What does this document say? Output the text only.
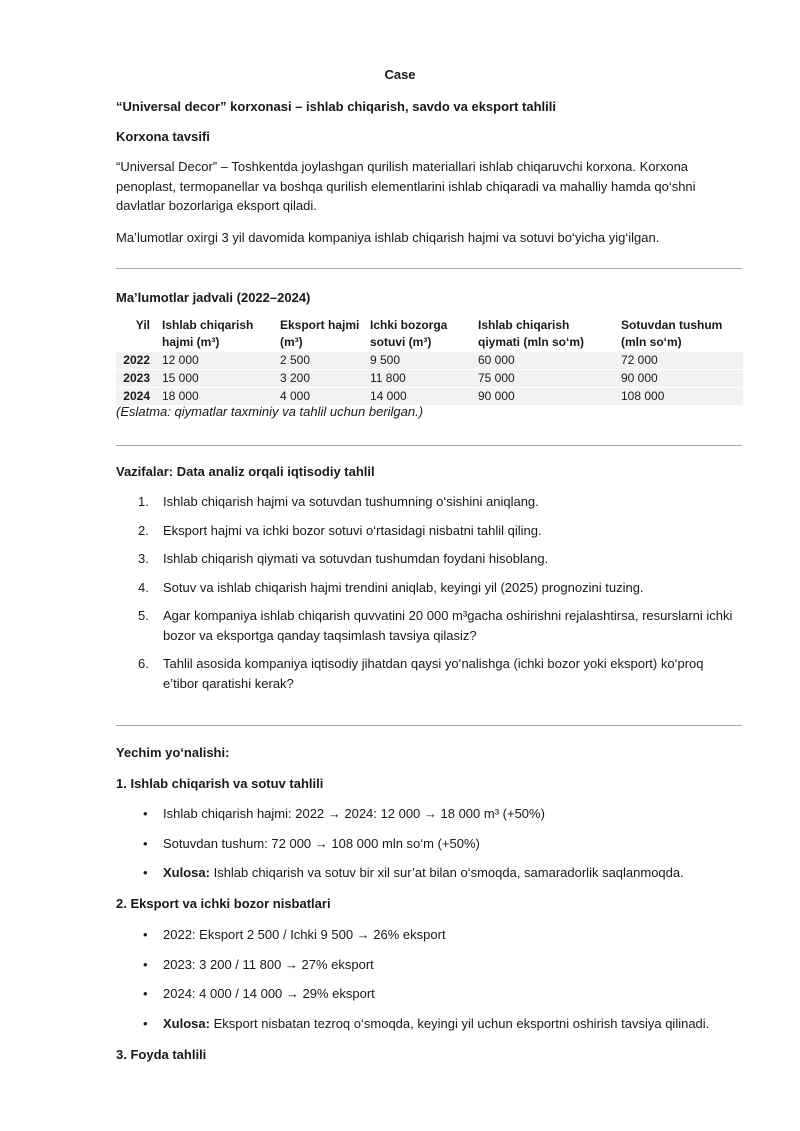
Case
“Universal decor” korxonasi – ishlab chiqarish, savdo va eksport tahlili
Korxona tavsifi
“Universal Decor” – Toshkentda joylashgan qurilish materiallari ishlab chiqaruvchi korxona. Korxona penoplast, termopanellar va boshqa qurilish elementlarini ishlab chiqaradi va mahalliy hamda qo‘shni davlatlar bozorlariga eksport qiladi.
Ma’lumotlar oxirgi 3 yil davomida kompaniya ishlab chiqarish hajmi va sotuvi bo‘yicha yig‘ilgan.
Ma’lumotlar jadvali (2022–2024)
Yil	Ishlab chiqarish hajmi (m³)	Eksport hajmi (m³)	Ichki bozorga sotuvi (m³)	Ishlab chiqarish qiymati (mln so‘m)	Sotuvdan tushum (mln so‘m)
2022	12 000	2 500	9 500	60 000	72 000
2023	15 000	3 200	11 800	75 000	90 000
2024	18 000	4 000	14 000	90 000	108 000
(Eslatma: qiymatlar taxminiy va tahlil uchun berilgan.)
Vazifalar: Data analiz orqali iqtisodiy tahlil
1. Ishlab chiqarish hajmi va sotuvdan tushumning o‘sishini aniqlang.
2. Eksport hajmi va ichki bozor sotuvi o‘rtasidagi nisbatni tahlil qiling.
3. Ishlab chiqarish qiymati va sotuvdan tushumdan foydani hisoblang.
4. Sotuv va ishlab chiqarish hajmi trendini aniqlab, keyingi yil (2025) prognozini tuzing.
5. Agar kompaniya ishlab chiqarish quvvatini 20 000 m³gacha oshirishni rejalashtirsa, resurslarni ichki bozor va eksportga qanday taqsimlash tavsiya qilasiz?
6. Tahlil asosida kompaniya iqtisodiy jihatdan qaysi yo‘nalishga (ichki bozor yoki eksport) ko‘proq e’tibor qaratishi kerak?
Yechim yo‘nalishi:
1. Ishlab chiqarish va sotuv tahlili
• Ishlab chiqarish hajmi: 2022 → 2024: 12 000 → 18 000 m³ (+50%)
• Sotuvdan tushum: 72 000 → 108 000 mln so‘m (+50%)
• Xulosa: Ishlab chiqarish va sotuv bir xil sur’at bilan o‘smoqda, samaradorlik saqlanmoqda.
2. Eksport va ichki bozor nisbatlari
• 2022: Eksport 2 500 / Ichki 9 500 → 26% eksport
• 2023: 3 200 / 11 800 → 27% eksport
• 2024: 4 000 / 14 000 → 29% eksport
• Xulosa: Eksport nisbatan tezroq o‘smoqda, keyingi yil uchun eksportni oshirish tavsiya qilinadi.
3. Foyda tahlili
